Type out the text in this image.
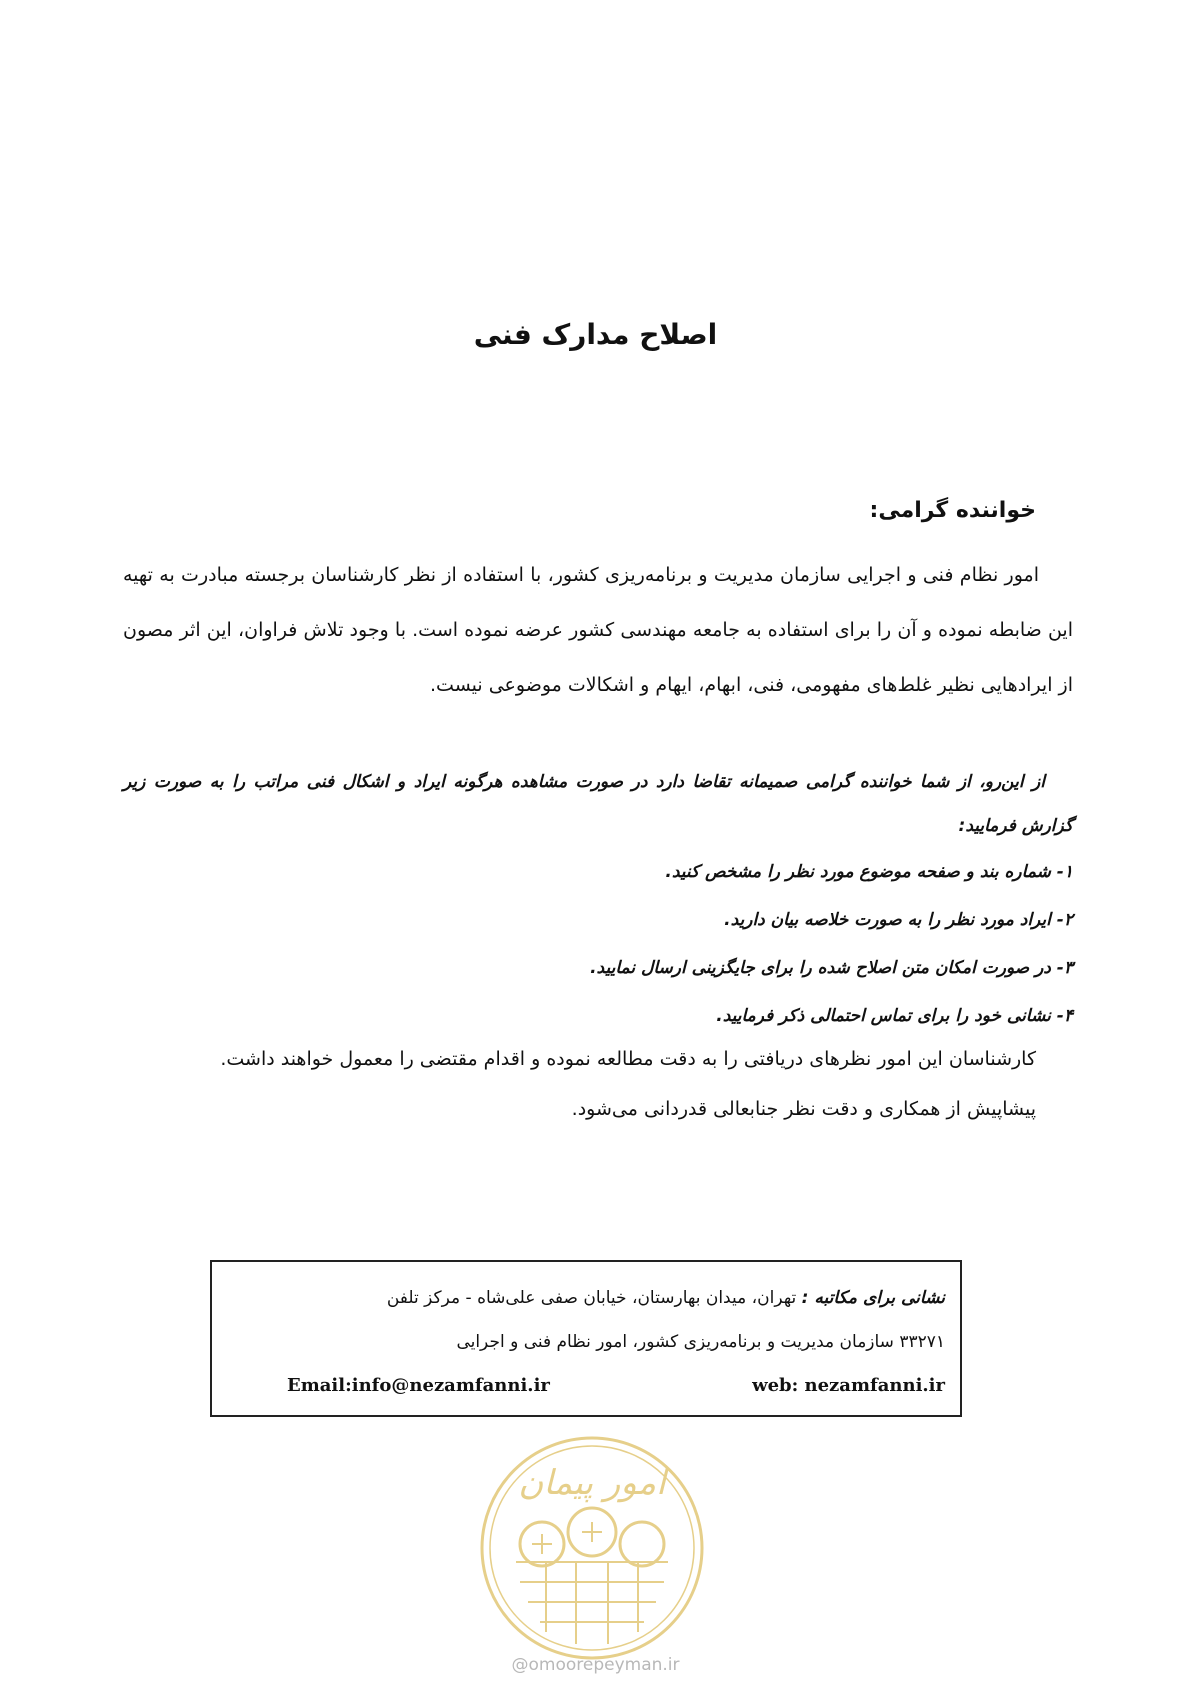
اصلاح مدارک فنی
خواننده گرامی:

امور نظام فنی و اجرایی سازمان مدیریت و برنامه‌ریزی کشور، با استفاده از نظر کارشناسان برجسته مبادرت به تهیه این ضابطه نموده و آن را برای استفاده به جامعه مهندسی کشور عرضه نموده است. با وجود تلاش فراوان، این اثر مصون از ایرادهایی نظیر غلط‌های مفهومی، فنی، ابهام، ایهام و اشکالات موضوعی نیست.

از این‌رو، از شما خواننده گرامی صمیمانه تقاضا دارد در صورت مشاهده هرگونه ایراد و اشکال فنی مراتب را به صورت زیر گزارش فرمایید:

۱- شماره بند و صفحه موضوع مورد نظر را مشخص کنید.
۲- ایراد مورد نظر را به صورت خلاصه بیان دارید.
۳- در صورت امکان متن اصلاح شده را برای جایگزینی ارسال نمایید.
۴- نشانی خود را برای تماس احتمالی ذکر فرمایید.

کارشناسان این امور نظرهای دریافتی را به دقت مطالعه نموده و اقدام مقتضی را معمول خواهند داشت.

پیشاپیش از همکاری و دقت نظر جنابعالی قدردانی می‌شود.

نشانی برای مکاتبه : تهران، میدان بهارستان، خیابان صفی علی‌شاه - مرکز تلفن
۳۳۲۷۱ سازمان مدیریت و برنامه‌ریزی کشور، امور نظام فنی و اجرایی
Email:info@nezamfanni.ir	web: nezamfanni.ir
امور پیمان
@omoorepeyman.ir
